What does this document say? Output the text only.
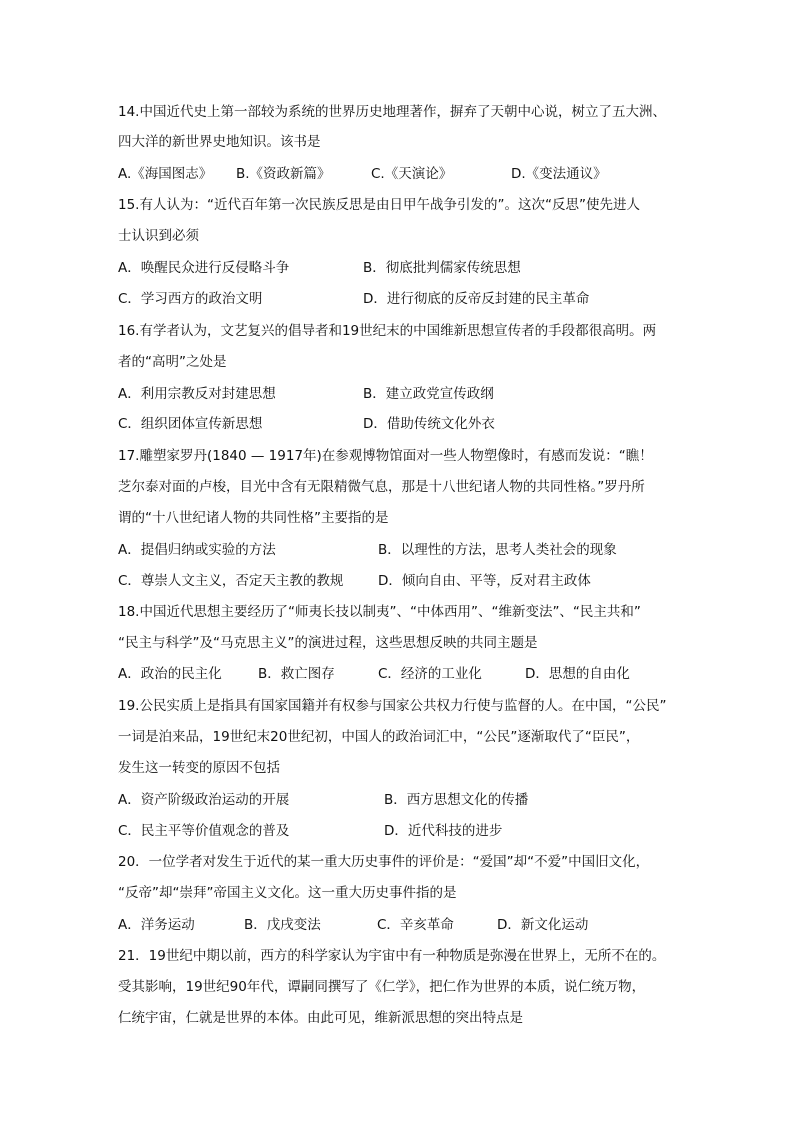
14.中国近代史上第一部较为系统的世界历史地理著作，摒弃了天朝中心说，树立了五大洲、
四大洋的新世界史地知识。该书是
A.《海国图志》 B.《资政新篇》	C.《天演论》	D.《变法通议》
15.有人认为：“近代百年第一次民族反思是由日甲午战争引发的”。这次“反思”使先进人
士认识到必须
A．唤醒民众进行反侵略斗争	B．彻底批判儒家传统思想
C．学习西方的政治文明	D．进行彻底的反帝反封建的民主革命
16.有学者认为，文艺复兴的倡导者和19世纪末的中国维新思想宣传者的手段都很高明。两
者的“高明”之处是
A．利用宗教反对封建思想	B．建立政党宣传政纲
C．组织团体宣传新思想	D．借助传统文化外衣
17.雕塑家罗丹(1840 — 1917年)在参观博物馆面对一些人物塑像时，有感而发说：“瞧！
芝尔泰对面的卢梭，目光中含有无限精微气息，那是十八世纪诸人物的共同性格。”罗丹所
谓的“十八世纪诸人物的共同性格”主要指的是
A．提倡归纳或实验的方法	B．以理性的方法，思考人类社会的现象
C．尊崇人文主义，否定天主教的教规	D．倾向自由、平等，反对君主政体
18.中国近代思想主要经历了“师夷长技以制夷”、“中体西用”、“维新变法”、“民主共和”
“民主与科学”及“马克思主义”的演进过程，这些思想反映的共同主题是
A．政治的民主化	B．救亡图存	C．经济的工业化	D．思想的自由化
19.公民实质上是指具有国家国籍并有权参与国家公共权力行使与监督的人。在中国，“公民”
一词是泊来品，19世纪末20世纪初，中国人的政治词汇中，“公民”逐渐取代了“臣民”，
发生这一转变的原因不包括
A．资产阶级政治运动的开展	B．西方思想文化的传播
C．民主平等价值观念的普及	D．近代科技的进步
20．一位学者对发生于近代的某一重大历史事件的评价是：“爱国”却“不爱”中国旧文化，
“反帝”却“崇拜”帝国主义文化。这一重大历史事件指的是
A．洋务运动	B．戊戌变法	C．辛亥革命	D．新文化运动
21．19世纪中期以前，西方的科学家认为宇宙中有一种物质是弥漫在世界上，无所不在的。
受其影响，19世纪90年代，谭嗣同撰写了《仁学》，把仁作为世界的本质，说仁统万物，
仁统宇宙，仁就是世界的本体。由此可见，维新派思想的突出特点是
